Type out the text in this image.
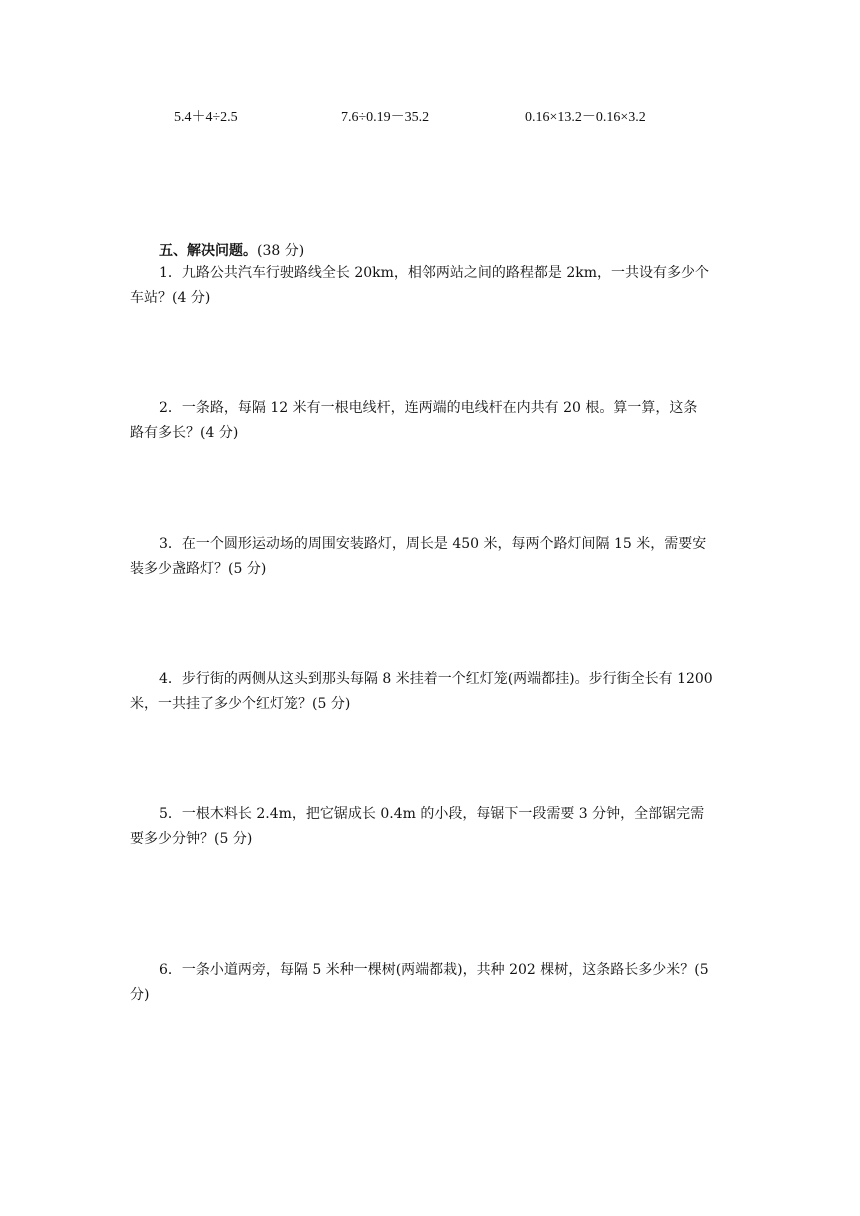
5.4＋4÷2.5	7.6÷0.19－35.2	0.16×13.2－0.16×3.2
五、解决问题。(38 分)
1．九路公共汽车行驶路线全长 20km，相邻两站之间的路程都是 2km，一共设有多少个
车站？(4 分)
2．一条路，每隔 12 米有一根电线杆，连两端的电线杆在内共有 20 根。算一算，这条
路有多长？(4 分)
3．在一个圆形运动场的周围安装路灯，周长是 450 米，每两个路灯间隔 15 米，需要安
装多少盏路灯？(5 分)
4．步行街的两侧从这头到那头每隔 8 米挂着一个红灯笼(两端都挂)。步行街全长有 1200
米，一共挂了多少个红灯笼？(5 分)
5．一根木料长 2.4m，把它锯成长 0.4m 的小段，每锯下一段需要 3 分钟，全部锯完需
要多少分钟？(5 分)
6．一条小道两旁，每隔 5 米种一棵树(两端都栽)，共种 202 棵树，这条路长多少米？(5
分)
